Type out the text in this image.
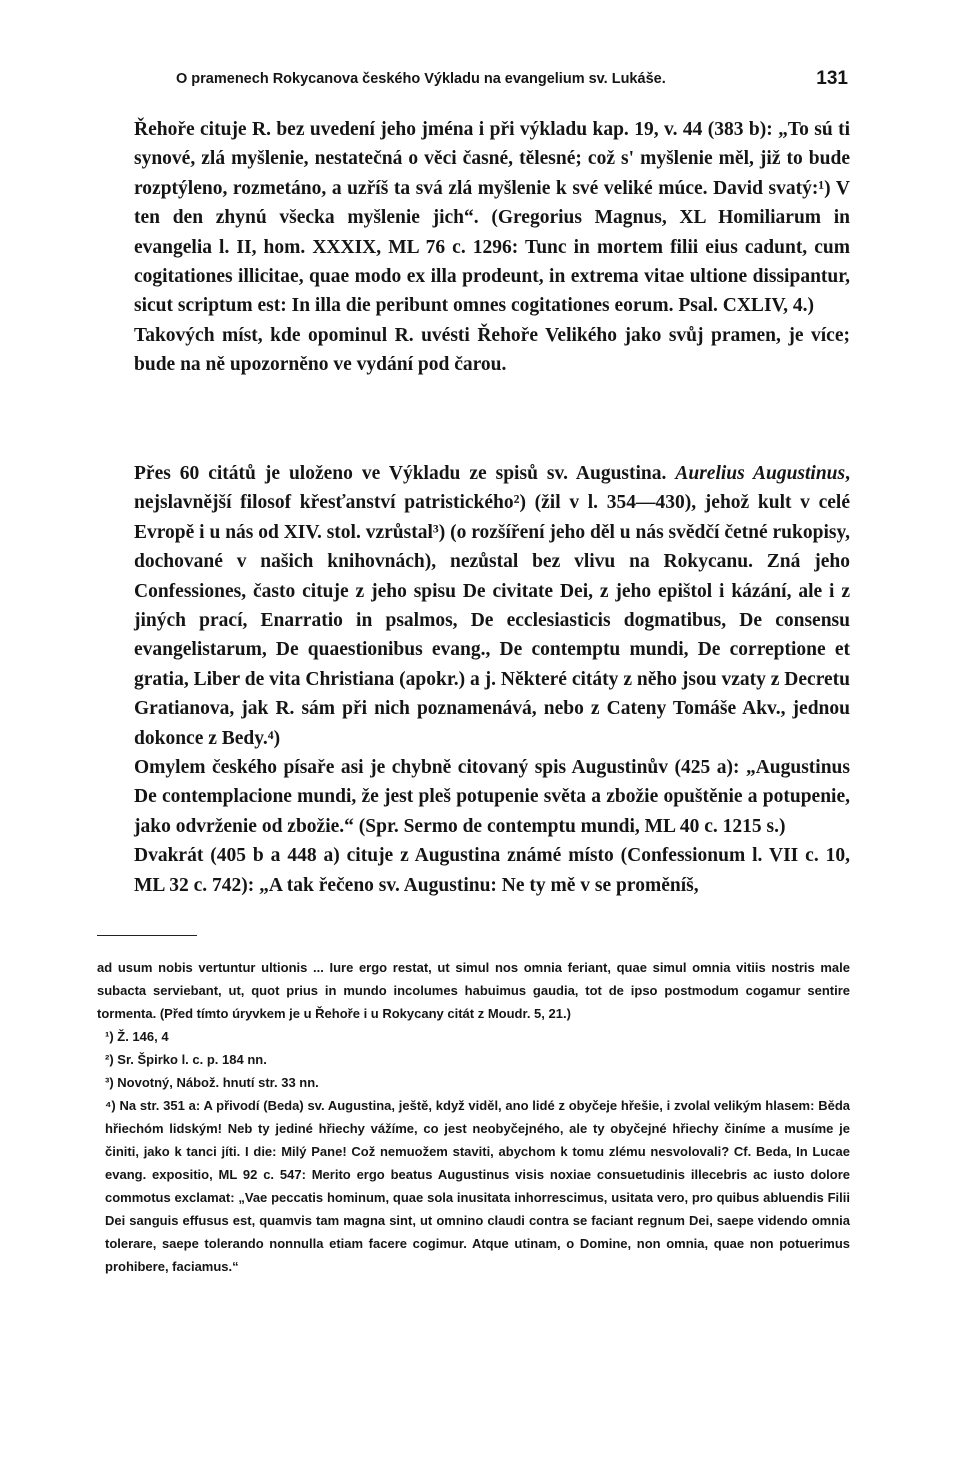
O pramenech Rokycanova českého Výkladu na evangelium sv. Lukáše.	131

Řehoře cituje R. bez uvedení jeho jména i při výkladu kap. 19, v. 44 (383 b): „To sú ti synové, zlá myšlenie, nestatečná o věci časné, tělesné; což s' myšlenie měl, již to bude rozptýleno, rozmetáno, a uzříš ta svá zlá myšlenie k své veliké múce. David svatý:¹) V ten den zhynú všecka myšlenie jich“. (Gregorius Magnus, XL Homiliarum in evangelia l. II, hom. XXXIX, ML 76 c. 1296: Tunc in mortem filii eius cadunt, cum cogitationes illicitae, quae modo ex illa prodeunt, in extrema vitae ultione dissipantur, sicut scriptum est: In illa die peribunt omnes cogitationes eorum. Psal. CXLIV, 4.)

Takových míst, kde opominul R. uvésti Řehoře Velikého jako svůj pramen, je více; bude na ně upozorněno ve vydání pod čarou.

Přes 60 citátů je uloženo ve Výkladu ze spisů sv. Augustina. Aurelius Augustinus, nejslavnější filosof křesťanství patristického²) (žil v l. 354—430), jehož kult v celé Evropě i u nás od XIV. stol. vzrůstal³) (o rozšíření jeho děl u nás svědčí četné rukopisy, dochované v našich knihovnách), nezůstal bez vlivu na Rokycanu. Zná jeho Confessiones, často cituje z jeho spisu De civitate Dei, z jeho epištol i kázání, ale i z jiných prací, Enarratio in psalmos, De ecclesiasticis dogmatibus, De consensu evangelistarum, De quaestionibus evang., De contemptu mundi, De correptione et gratia, Liber de vita Christiana (apokr.) a j. Některé citáty z něho jsou vzaty z Decretu Gratianova, jak R. sám při nich poznamenává, nebo z Cateny Tomáše Akv., jednou dokonce z Bedy.⁴)

Omylem českého písaře asi je chybně citovaný spis Augustinův (425 a): „Augustinus De contemplacione mundi, že jest pleš potupenie světa a zbožie opuštěnie a potupenie, jako odvrženie od zbožie.“ (Spr. Sermo de contemptu mundi, ML 40 c. 1215 s.)

Dvakrát (405 b a 448 a) cituje z Augustina známé místo (Confessionum l. VII c. 10, ML 32 c. 742): „A tak řečeno sv. Augustinu: Ne ty mě v se proměníš,

ad usum nobis vertuntur ultionis ... Iure ergo restat, ut simul nos omnia feriant, quae simul omnia vitiis nostris male subacta serviebant, ut, quot prius in mundo incolumes habuimus gaudia, tot de ipso postmodum cogamur sentire tormenta. (Před tímto úryvkem je u Řehoře i u Rokycany citát z Moudr. 5, 21.)

¹) Ž. 146, 4

²) Sr. Špirko l. c. p. 184 nn.

³) Novotný, Nábož. hnutí str. 33 nn.

⁴) Na str. 351 a: A přivodí (Beda) sv. Augustina, ještě, když viděl, ano lidé z obyčeje hřešie, i zvolal velikým hlasem: Běda hřiechóm lidským! Neb ty jediné hřiechy vážíme, co jest neobyčejného, ale ty obyčejné hřiechy činíme a musíme je činiti, jako k tanci jíti. I die: Milý Pane! Což nemuožem staviti, abychom k tomu zlému nesvolovali? Cf. Beda, In Lucae evang. expositio, ML 92 c. 547: Merito ergo beatus Augustinus visis noxiae consuetudinis illecebris ac iusto dolore commotus exclamat: „Vae peccatis hominum, quae sola inusitata inhorrescimus, usitata vero, pro quibus abluendis Filii Dei sanguis effusus est, quamvis tam magna sint, ut omnino claudi contra se faciant regnum Dei, saepe videndo omnia tolerare, saepe tolerando nonnulla etiam facere cogimur. Atque utinam, o Domine, non omnia, quae non potuerimus prohibere, faciamus.“
